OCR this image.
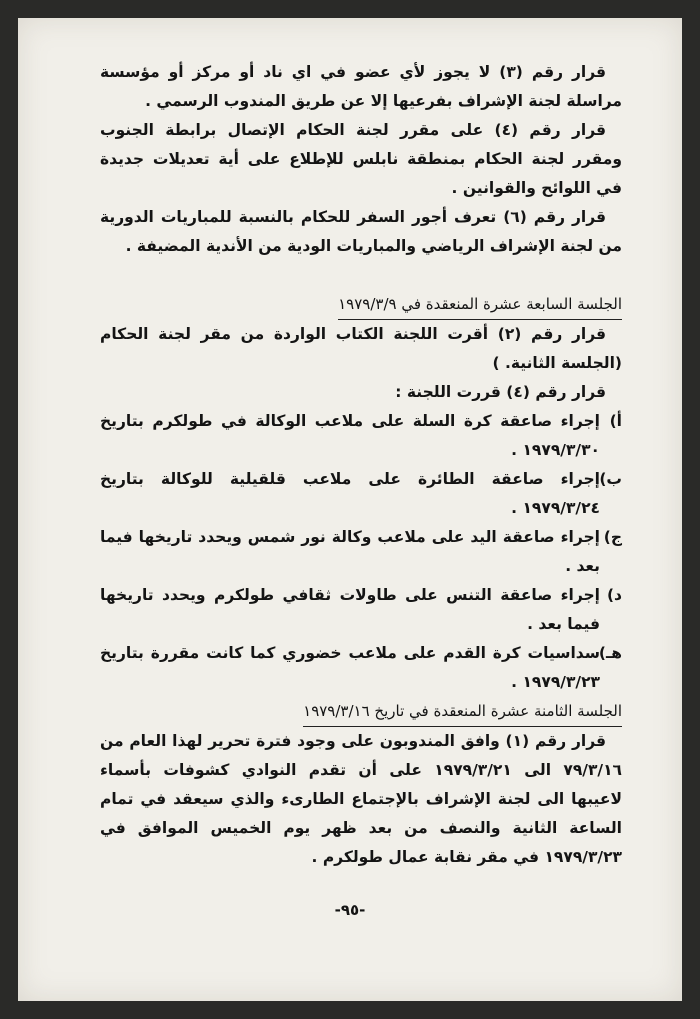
قرار رقم (٣) لا يجوز لأي عضو في اي ناد أو مركز أو مؤسسة مراسلة لجنة الإشراف بفرعيها إلا عن طريق المندوب الرسمي .

قرار رقم (٤) على مقرر لجنة الحكام الإتصال برابطة الجنوب ومقرر لجنة الحكام بمنطقة نابلس للإطلاع على أية تعديلات جديدة في اللوائح والقوانين .

قرار رقم (٦) تعرف أجور السفر للحكام بالنسبة للمباريات الدورية من لجنة الإشراف الرياضي والمباريات الودية من الأندية المضيفة .

الجلسة السابعة عشرة المنعقدة في ١٩٧٩/٣/٩

قرار رقم (٢) أقرت اللجنة الكتاب الواردة من مقر لجنة الحكام (الجلسة الثانية. )

قرار رقم (٤) قررت اللجنة :

أ)
إجراء صاعقة كرة السلة على ملاعب الوكالة في طولكرم بتاريخ ١٩٧٩/٣/٣٠ .

ب)
إجراء صاعقة الطائرة على ملاعب قلقيلية للوكالة بتاريخ ١٩٧٩/٣/٢٤ .

ج)
إجراء صاعقة اليد على ملاعب وكالة نور شمس ويحدد تاريخها فيما بعد .

د)
إجراء صاعقة التنس على طاولات ثقافي طولكرم ويحدد تاريخها فيما بعد .

هـ)
سداسيات كرة القدم على ملاعب خضوري كما كانت مقررة بتاريخ ١٩٧٩/٣/٢٣ .

الجلسة الثامنة عشرة المنعقدة في تاريخ ١٩٧٩/٣/١٦

قرار رقم (١) وافق المندوبون على وجود فترة تحرير لهذا العام من ٧٩/٣/١٦ الى ١٩٧٩/٣/٢١ على أن تقدم النوادي كشوفات بأسماء لاعيبها الى لجنة الإشراف بالإجتماع الطارىء والذي سيعقد في تمام الساعة الثانية والنصف من بعد ظهر يوم الخميس الموافق في ١٩٧٩/٣/٢٣ في مقر نقابة عمال طولكرم .

-٩٥-
